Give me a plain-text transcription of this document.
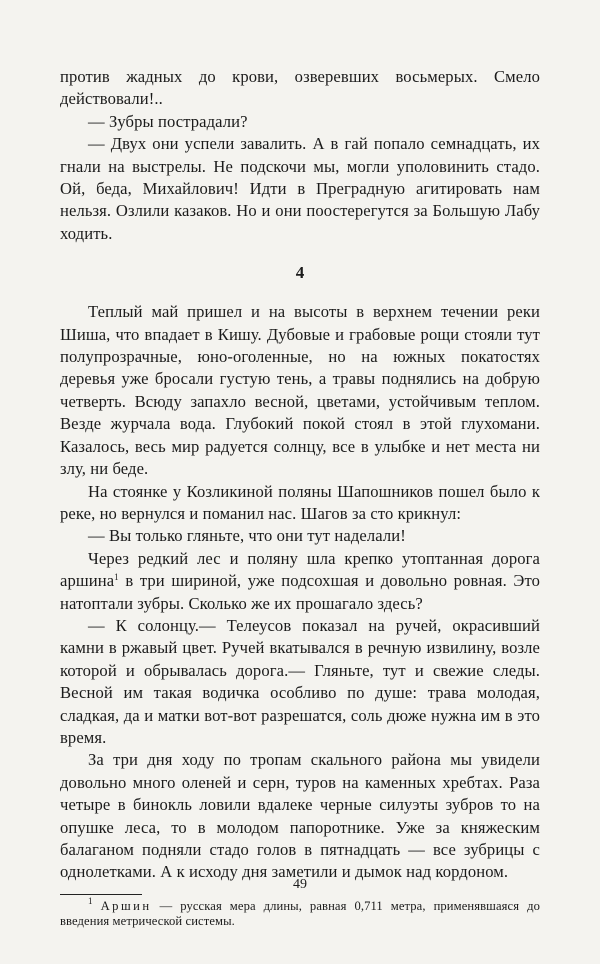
против жадных до крови, озверевших восьмерых. Смело действовали!..

— Зубры пострадали?

— Двух они успели завалить. А в гай попало семнадцать, их гнали на выстрелы. Не подскочи мы, могли уполовинить стадо. Ой, беда, Михайлович! Идти в Преградную агитировать нам нельзя. Озлили казаков. Но и они поостерегутся за Большую Лабу ходить.

4

Теплый май пришел и на высоты в верхнем течении реки Шиша, что впадает в Кишу. Дубовые и грабовые рощи стояли тут полупрозрачные, юно-оголенные, но на южных покатостях деревья уже бросали густую тень, а травы поднялись на добрую четверть. Всюду запахло весной, цветами, устойчивым теплом. Везде журчала вода. Глубокий покой стоял в этой глухомани. Казалось, весь мир радуется солнцу, все в улыбке и нет места ни злу, ни беде.

На стоянке у Козликиной поляны Шапошников пошел было к реке, но вернулся и поманил нас. Шагов за сто крикнул:

— Вы только гляньте, что они тут наделали!

Через редкий лес и поляну шла крепко утоптанная дорога аршина$^1$ в три шириной, уже подсохшая и довольно ровная. Это натоптали зубры. Сколько же их прошагало здесь?

— К солонцу.— Телеусов показал на ручей, окрасивший камни в ржавый цвет. Ручей вкатывался в речную извилину, возле которой и обрывалась дорога.— Гляньте, тут и свежие следы. Весной им такая водичка особливо по душе: трава молодая, сладкая, да и матки вот-вот разрешатся, соль дюже нужна им в это время.

За три дня ходу по тропам скального района мы увидели довольно много оленей и серн, туров на каменных хребтах. Раза четыре в бинокль ловили вдалеке черные силуэты зубров то на опушке леса, то в молодом папоротнике. Уже за княжеским балаганом подняли стадо голов в пятнадцать — все зубрицы с однолетками. А к исходу дня заметили и дымок над кордоном.

$^1$ Аршин — русская мера длины, равная 0,711 метра, применявшаяся до введения метрической системы.

49
